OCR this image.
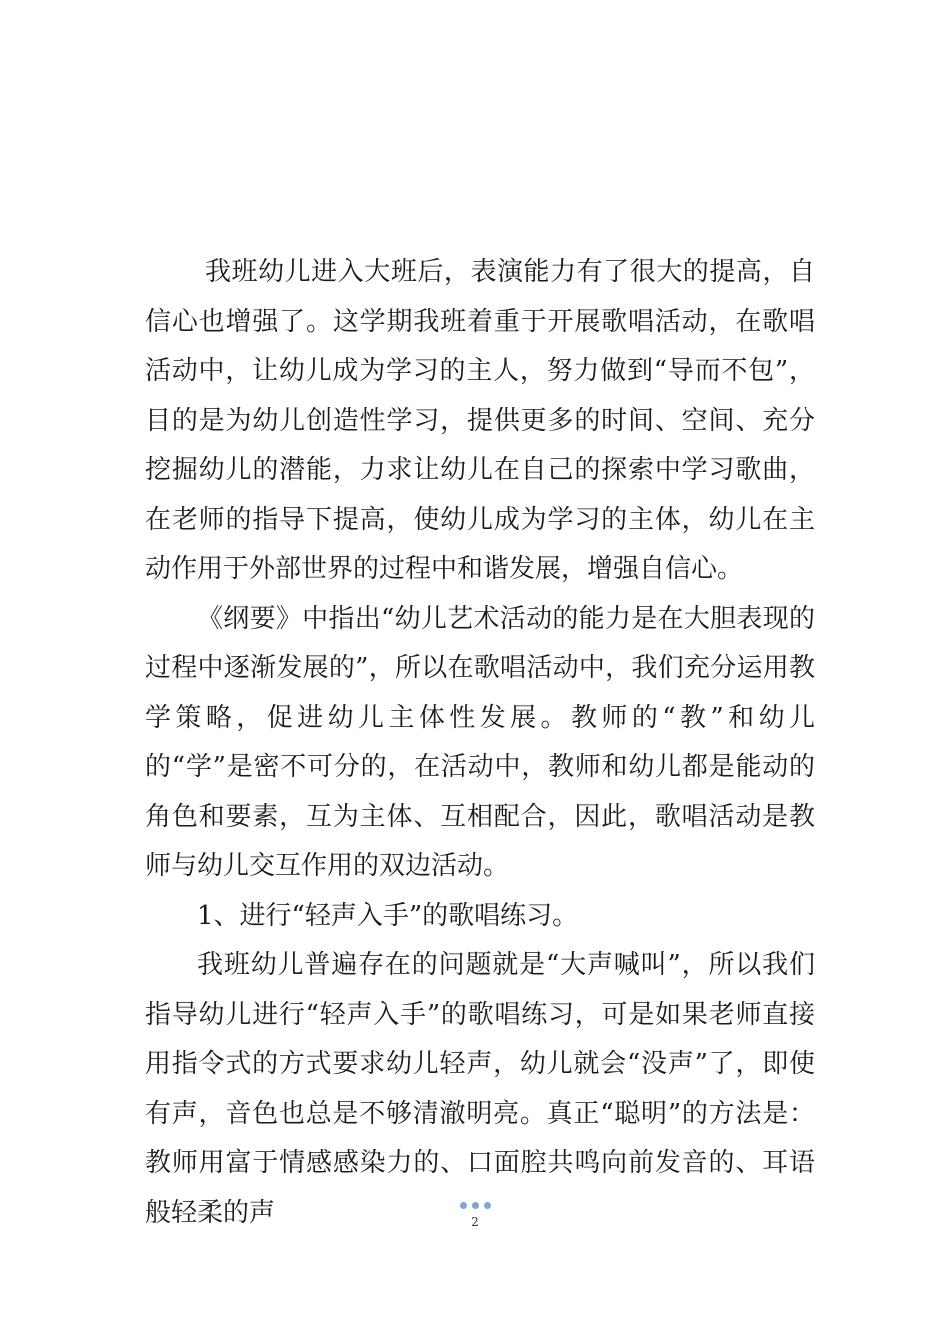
我班幼儿进入大班后，表演能力有了很大的提高，自信心也增强了。这学期我班着重于开展歌唱活动，在歌唱活动中，让幼儿成为学习的主人，努力做到“导而不包”，目的是为幼儿创造性学习，提供更多的时间、空间、充分挖掘幼儿的潜能，力求让幼儿在自己的探索中学习歌曲，在老师的指导下提高，使幼儿成为学习的主体，幼儿在主动作用于外部世界的过程中和谐发展，增强自信心。

《纲要》中指出“幼儿艺术活动的能力是在大胆表现的过程中逐渐发展的”，所以在歌唱活动中，我们充分运用教学策略，促进幼儿主体性发展。教师的“教”和幼儿的“学”是密不可分的，在活动中，教师和幼儿都是能动的角色和要素，互为主体、互相配合，因此，歌唱活动是教师与幼儿交互作用的双边活动。

1、进行“轻声入手”的歌唱练习。

我班幼儿普遍存在的问题就是“大声喊叫”，所以我们指导幼儿进行“轻声入手”的歌唱练习，可是如果老师直接用指令式的方式要求幼儿轻声，幼儿就会“没声”了，即使有声，音色也总是不够清澈明亮。真正“聪明”的方法是：教师用富于情感感染力的、口面腔共鸣向前发音的、耳语般轻柔的声	2
